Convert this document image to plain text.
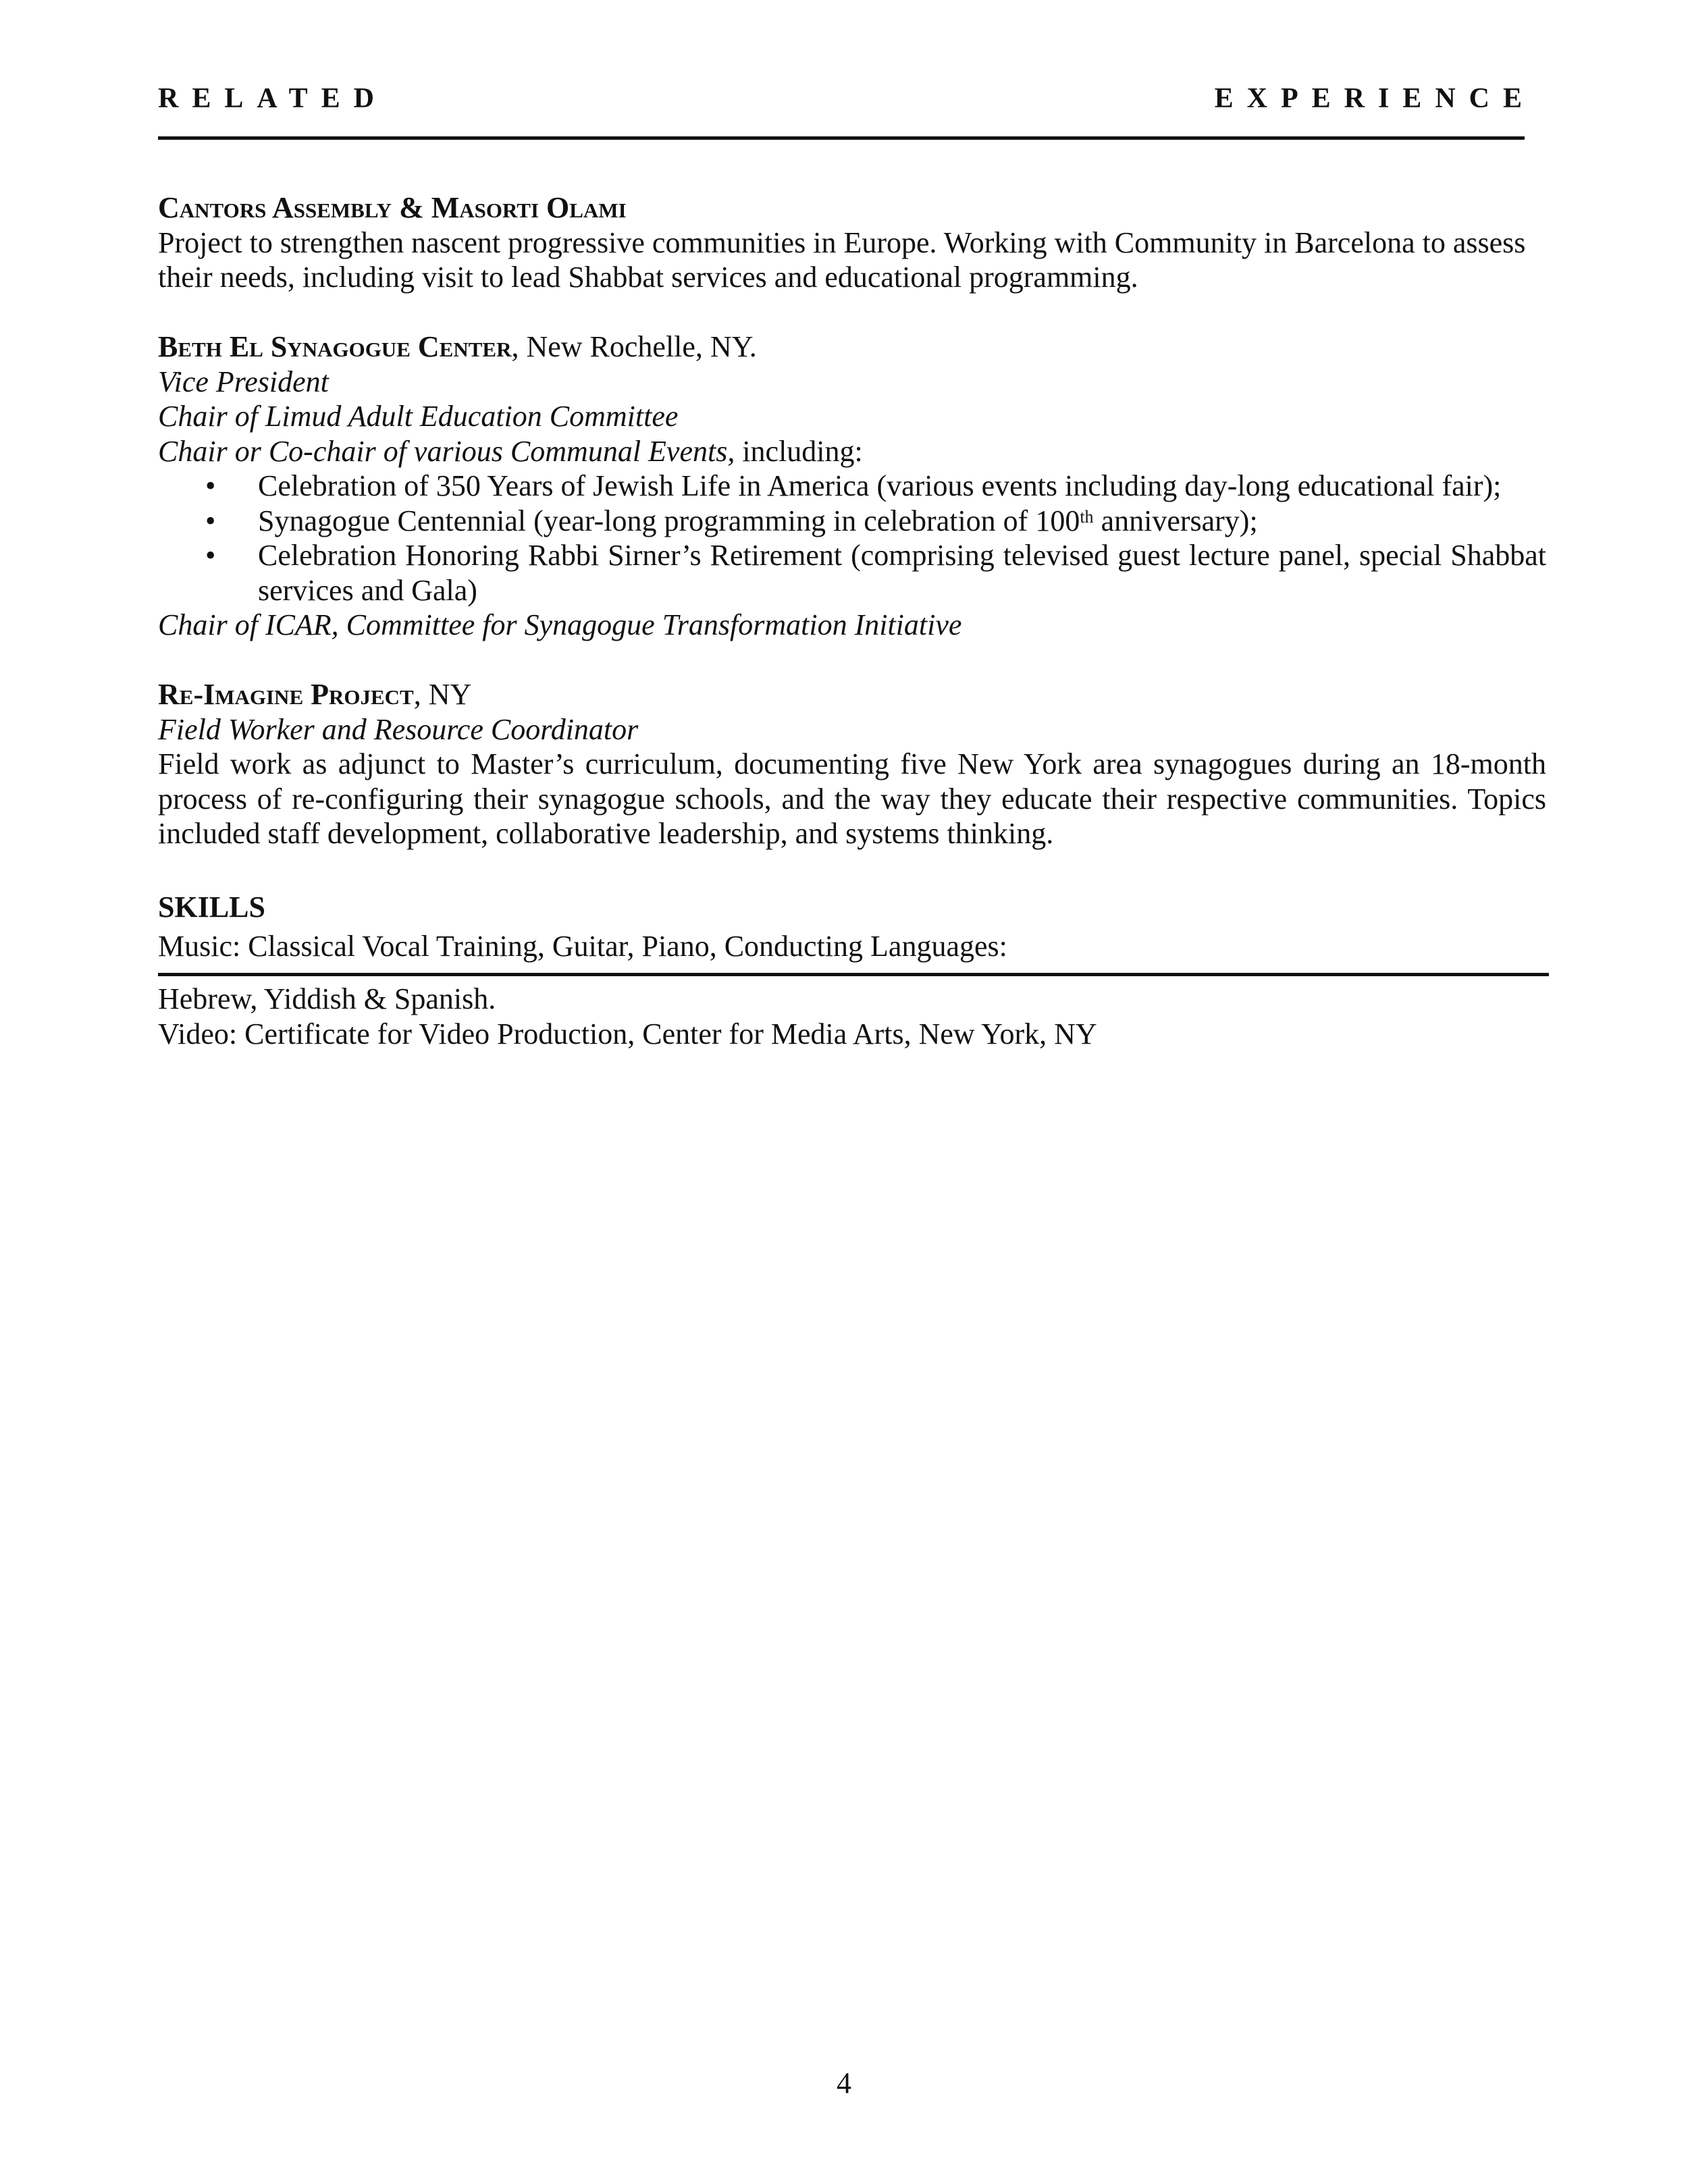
RELATED	EXPERIENCE
Cantors Assembly & Masorti Olami
Project to strengthen nascent progressive communities in Europe. Working with Community in Barcelona to assess their needs, including visit to lead Shabbat services and educational programming.
Beth El Synagogue Center, New Rochelle, NY.
Vice President
Chair of Limud Adult Education Committee
Chair or Co-chair of various Communal Events, including:
• Celebration of 350 Years of Jewish Life in America (various events including day-long educational fair);
• Synagogue Centennial (year-long programming in celebration of 100th anniversary);
• Celebration Honoring Rabbi Sirner’s Retirement (comprising televised guest lecture panel, special Shabbat services and Gala)
Chair of ICAR, Committee for Synagogue Transformation Initiative
Re-Imagine Project, NY
Field Worker and Resource Coordinator
Field work as adjunct to Master’s curriculum, documenting five New York area synagogues during an 18-month process of re-configuring their synagogue schools, and the way they educate their respective communities. Topics included staff development, collaborative leadership, and systems thinking.
SKILLS
Music: Classical Vocal Training, Guitar, Piano, Conducting Languages:
Hebrew, Yiddish & Spanish.
Video: Certificate for Video Production, Center for Media Arts, New York, NY
4
